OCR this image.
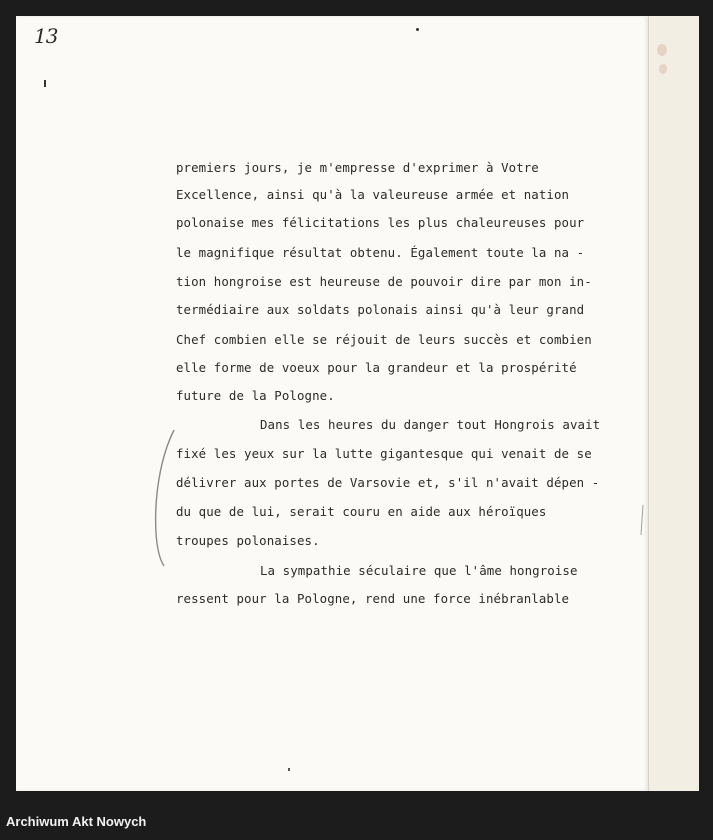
13
premiers jours, je m'empresse d'exprimer à Votre
Excellence, ainsi qu'à la valeureuse armée et nation
polonaise mes félicitations les plus chaleureuses pour
le magnifique résultat obtenu. Également toute la na -
tion hongroise est heureuse de pouvoir dire par mon in-
termédiaire aux soldats polonais ainsi qu'à leur grand
Chef combien elle se réjouit de leurs succès et combien
elle forme de voeux pour la grandeur et la prospérité
future de la Pologne.
Dans les heures du danger tout Hongrois avait
fixé les yeux sur la lutte gigantesque qui venait de se
délivrer aux portes de Varsovie et, s'il n'avait dépen -
du que de lui, serait couru en aide aux héroïques
troupes polonaises.
La sympathie séculaire que l'âme hongroise
ressent pour la Pologne, rend une force inébranlable
Archiwum Akt Nowych
